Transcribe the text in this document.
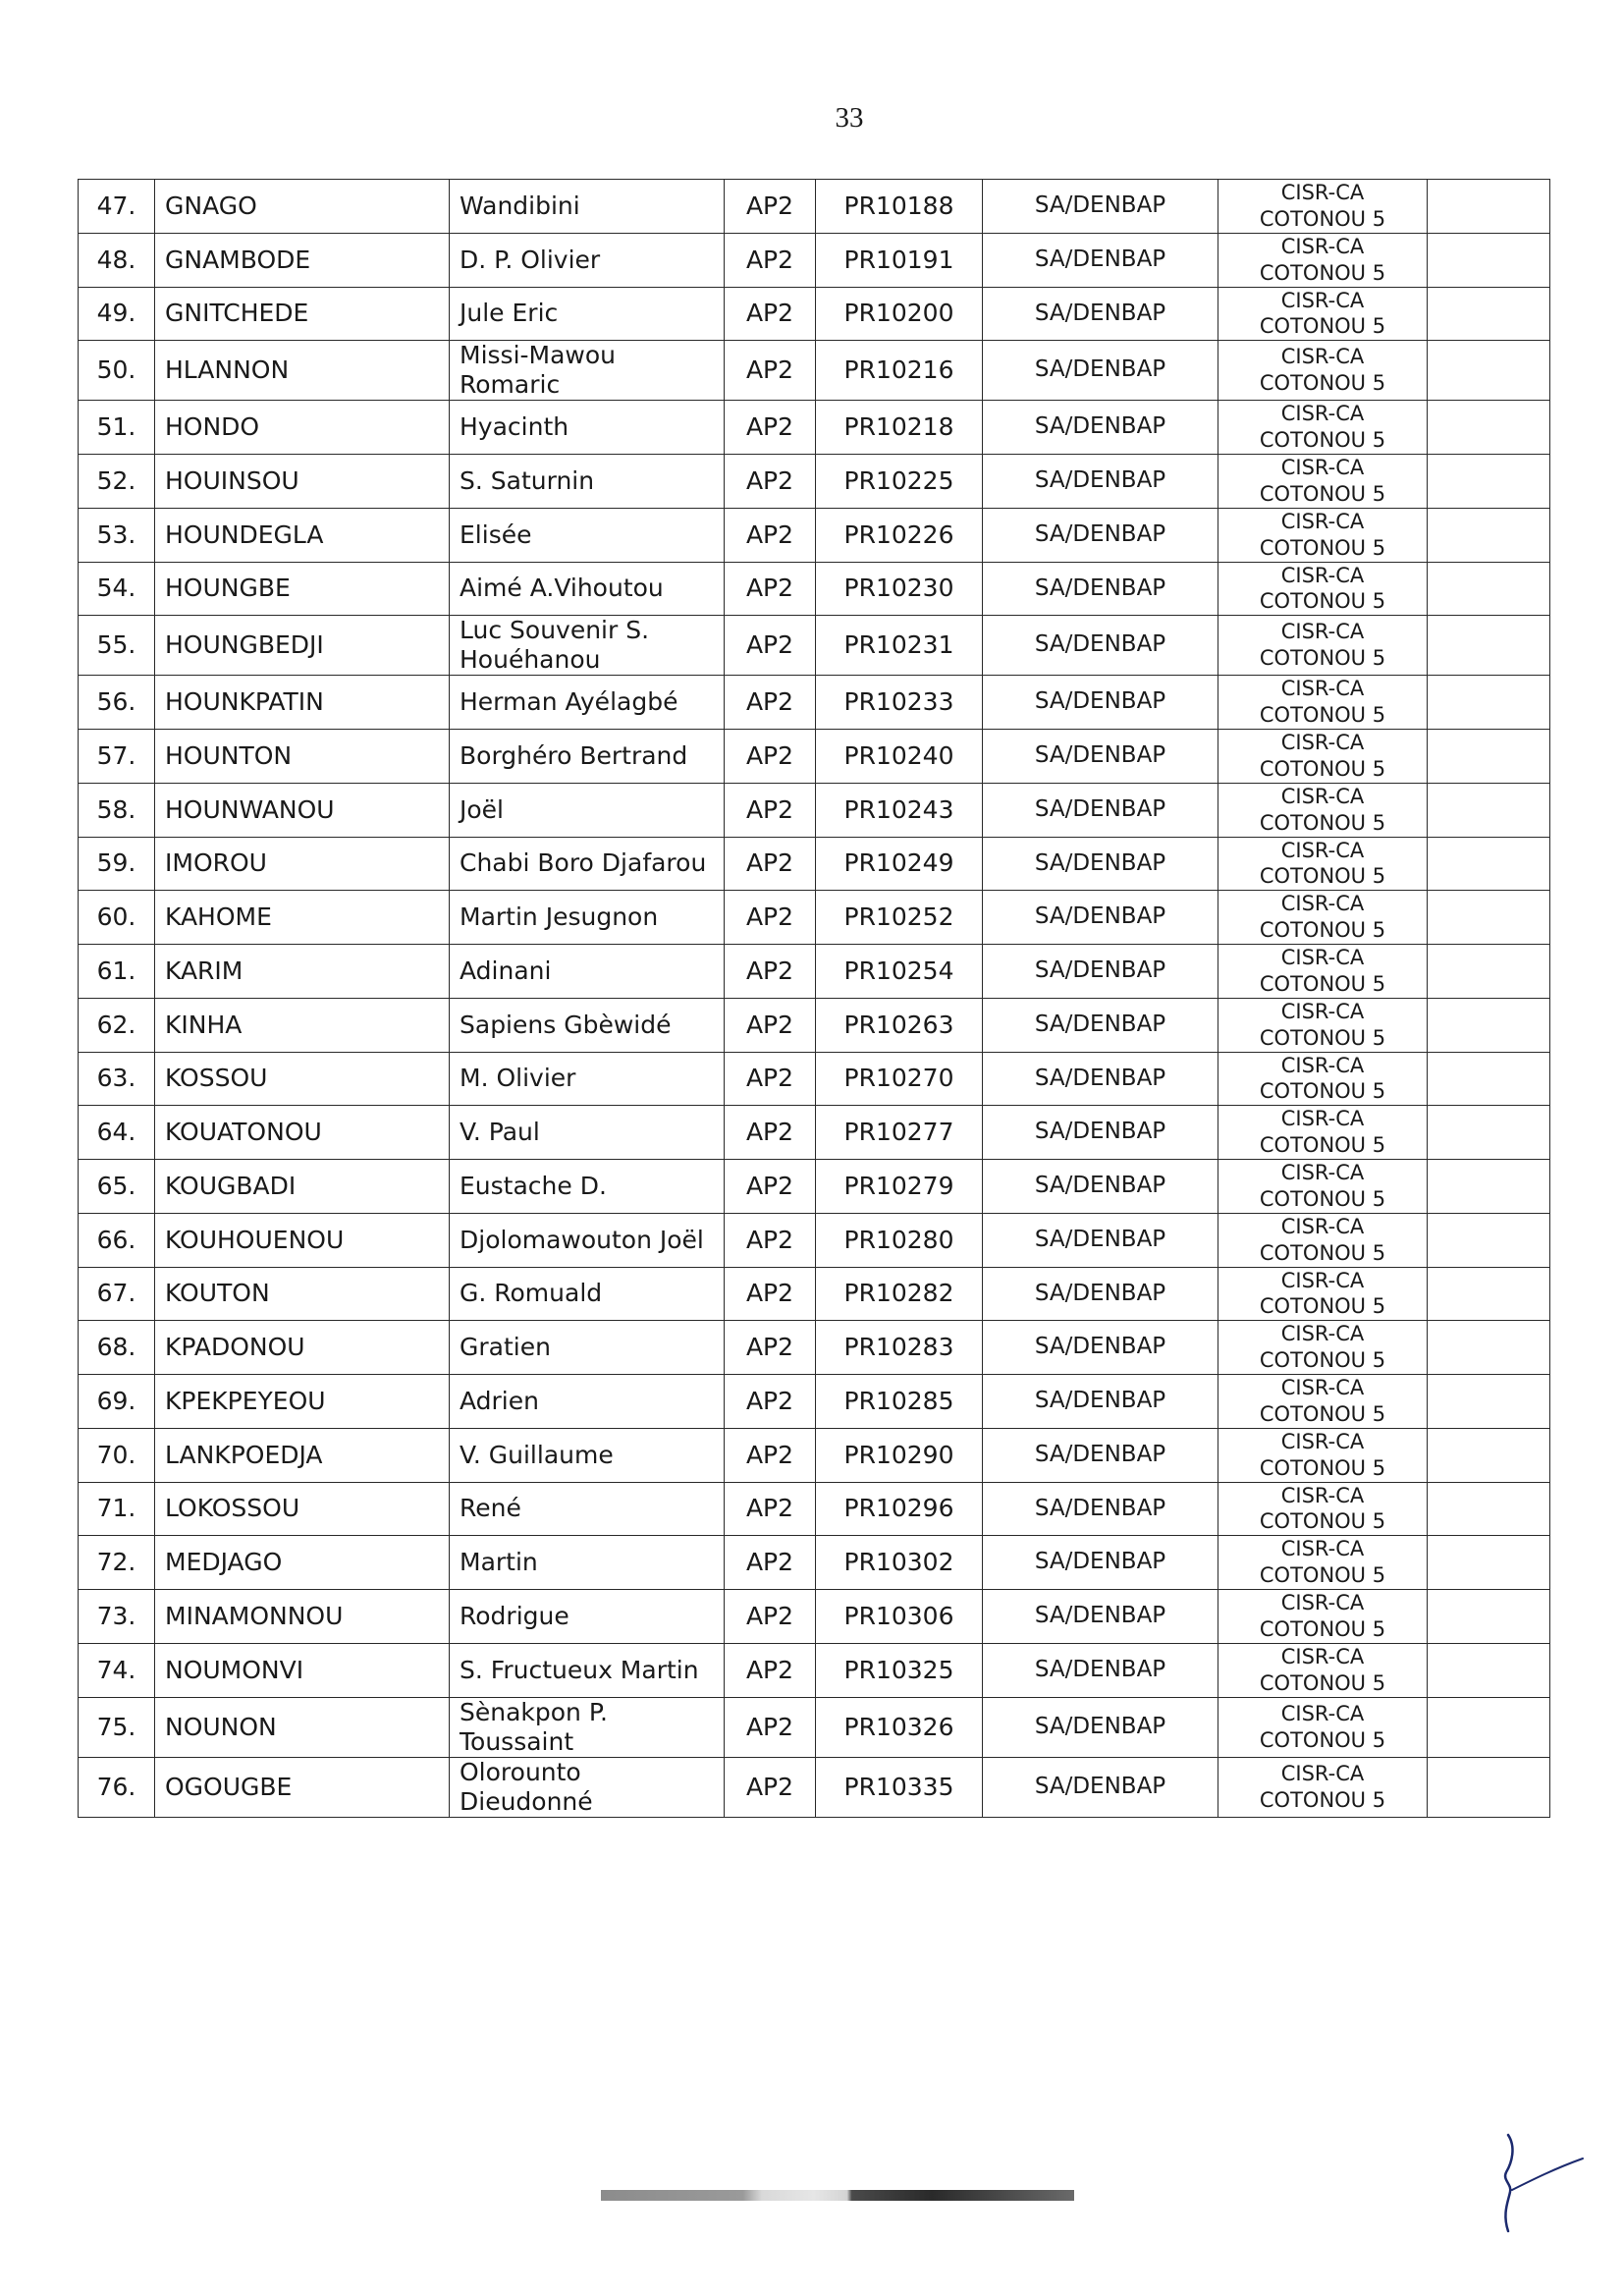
33
47.	GNAGO	Wandibini	AP2	PR10188	SA/DENBAP	CISR-CA
COTONOU 5	

48.	GNAMBODE	D. P. Olivier	AP2	PR10191	SA/DENBAP	CISR-CA
COTONOU 5	

49.	GNITCHEDE	Jule Eric	AP2	PR10200	SA/DENBAP	CISR-CA
COTONOU 5	

50.	HLANNON	Missi-Mawou Romaric	AP2	PR10216	SA/DENBAP	CISR-CA
COTONOU 5	

51.	HONDO	Hyacinth	AP2	PR10218	SA/DENBAP	CISR-CA
COTONOU 5	

52.	HOUINSOU	S. Saturnin	AP2	PR10225	SA/DENBAP	CISR-CA
COTONOU 5	

53.	HOUNDEGLA	Elisée	AP2	PR10226	SA/DENBAP	CISR-CA
COTONOU 5	

54.	HOUNGBE	Aimé A.Vihoutou	AP2	PR10230	SA/DENBAP	CISR-CA
COTONOU 5	

55.	HOUNGBEDJI	Luc Souvenir S. Houéhanou	AP2	PR10231	SA/DENBAP	CISR-CA
COTONOU 5	

56.	HOUNKPATIN	Herman Ayélagbé	AP2	PR10233	SA/DENBAP	CISR-CA
COTONOU 5	

57.	HOUNTON	Borghéro Bertrand	AP2	PR10240	SA/DENBAP	CISR-CA
COTONOU 5	

58.	HOUNWANOU	Joël	AP2	PR10243	SA/DENBAP	CISR-CA
COTONOU 5	

59.	IMOROU	Chabi Boro Djafarou	AP2	PR10249	SA/DENBAP	CISR-CA
COTONOU 5	

60.	KAHOME	Martin Jesugnon	AP2	PR10252	SA/DENBAP	CISR-CA
COTONOU 5	

61.	KARIM	Adinani	AP2	PR10254	SA/DENBAP	CISR-CA
COTONOU 5	

62.	KINHA	Sapiens Gbèwidé	AP2	PR10263	SA/DENBAP	CISR-CA
COTONOU 5	

63.	KOSSOU	M. Olivier	AP2	PR10270	SA/DENBAP	CISR-CA
COTONOU 5	

64.	KOUATONOU	V. Paul	AP2	PR10277	SA/DENBAP	CISR-CA
COTONOU 5	

65.	KOUGBADI	Eustache D.	AP2	PR10279	SA/DENBAP	CISR-CA
COTONOU 5	

66.	KOUHOUENOU	Djolomawouton Joël	AP2	PR10280	SA/DENBAP	CISR-CA
COTONOU 5	

67.	KOUTON	G. Romuald	AP2	PR10282	SA/DENBAP	CISR-CA
COTONOU 5	

68.	KPADONOU	Gratien	AP2	PR10283	SA/DENBAP	CISR-CA
COTONOU 5	

69.	KPEKPEYEOU	Adrien	AP2	PR10285	SA/DENBAP	CISR-CA
COTONOU 5	

70.	LANKPOEDJA	V. Guillaume	AP2	PR10290	SA/DENBAP	CISR-CA
COTONOU 5	

71.	LOKOSSOU	René	AP2	PR10296	SA/DENBAP	CISR-CA
COTONOU 5	

72.	MEDJAGO	Martin	AP2	PR10302	SA/DENBAP	CISR-CA
COTONOU 5	

73.	MINAMONNOU	Rodrigue	AP2	PR10306	SA/DENBAP	CISR-CA
COTONOU 5	

74.	NOUMONVI	S. Fructueux Martin	AP2	PR10325	SA/DENBAP	CISR-CA
COTONOU 5	

75.	NOUNON	Sènakpon P. Toussaint	AP2	PR10326	SA/DENBAP	CISR-CA
COTONOU 5	

76.	OGOUGBE	Olorounto Dieudonné	AP2	PR10335	SA/DENBAP	CISR-CA
COTONOU 5	
